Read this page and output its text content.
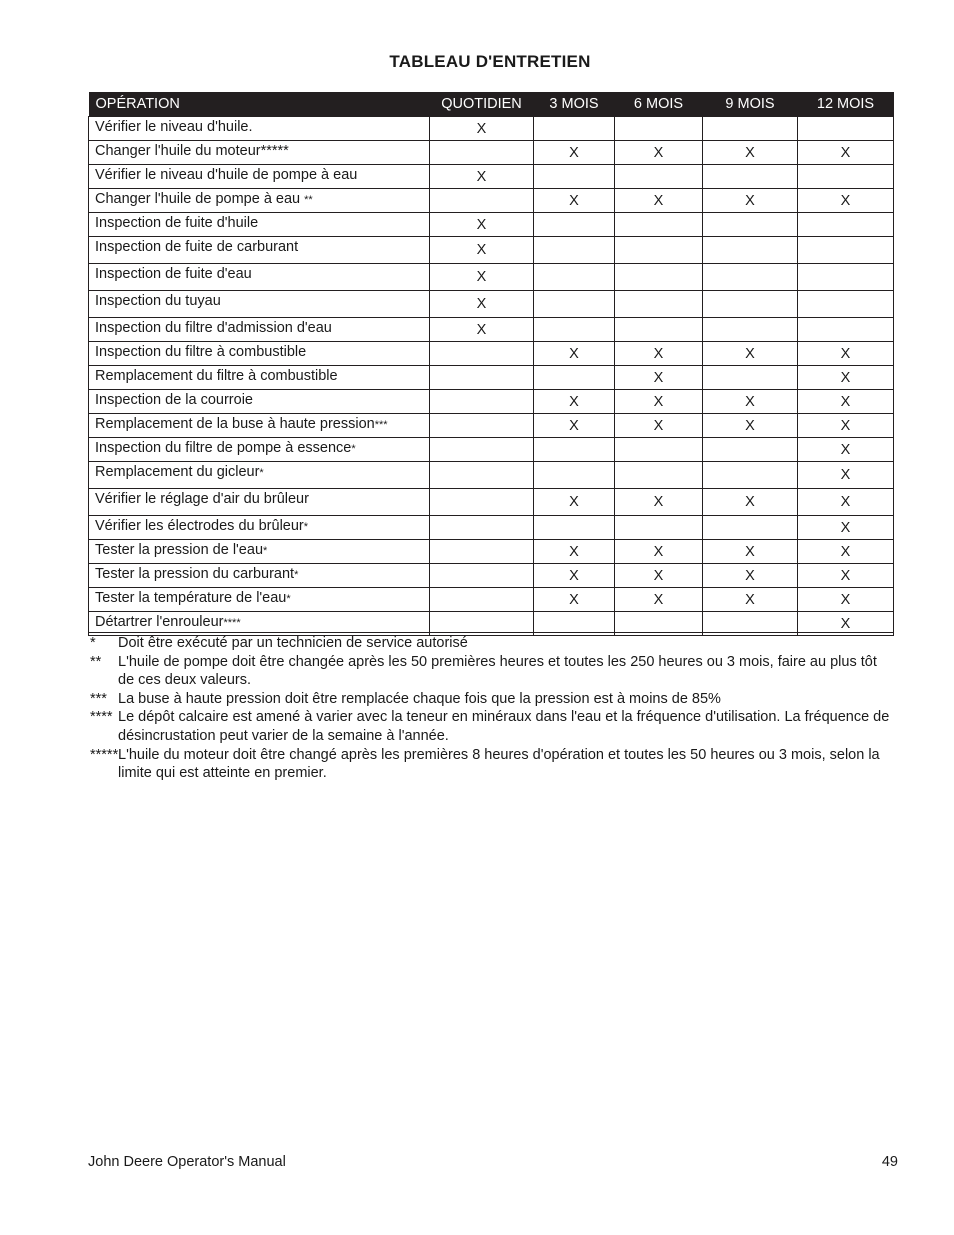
TABLEAU D'ENTRETIEN
OPÉRATION	QUOTIDIEN	3 MOIS	6 MOIS	9 MOIS	12 MOIS
Vérifier le niveau d'huile.	X				
Changer l'huile du moteur*****		X	X	X	X
Vérifier le niveau d'huile de pompe à eau	X				
Changer l'huile de pompe à eau **		X	X	X	X
Inspection de fuite d'huile	X				
Inspection de fuite de carburant	X				
Inspection de fuite d'eau	X				
Inspection du tuyau	X				
Inspection du filtre d'admission d'eau	X				
Inspection du filtre à combustible		X	X	X	X
Remplacement du filtre à combustible			X		X
Inspection de la courroie		X	X	X	X
Remplacement de la buse à haute pression***		X	X	X	X
Inspection du filtre de pompe à essence*					X
Remplacement du gicleur*					X
Vérifier le réglage d'air du brûleur		X	X	X	X
Vérifier les électrodes du brûleur*					X
Tester la pression de l'eau*		X	X	X	X
Tester la pression du carburant*		X	X	X	X
Tester la température de l'eau*		X	X	X	X
Détartrer l'enrouleur****					X
*	Doit être exécuté par un technicien de service autorisé
**	L'huile de pompe doit être changée après les 50 premières heures et toutes les 250 heures ou 3 mois, faire au plus tôt de ces deux valeurs.
*** La buse à haute pression doit être remplacée chaque fois que la pression est à moins de 85%
**** Le dépôt calcaire est amené à varier avec la teneur en minéraux dans l'eau et la fréquence d'utilisation. La fréquence de désincrustation peut varier de la semaine à l'année.
***** L'huile du moteur doit être changé après les premières 8 heures d'opération et toutes les 50 heures ou 3 mois, selon la limite qui est atteinte en premier.
John Deere Operator's Manual	49
